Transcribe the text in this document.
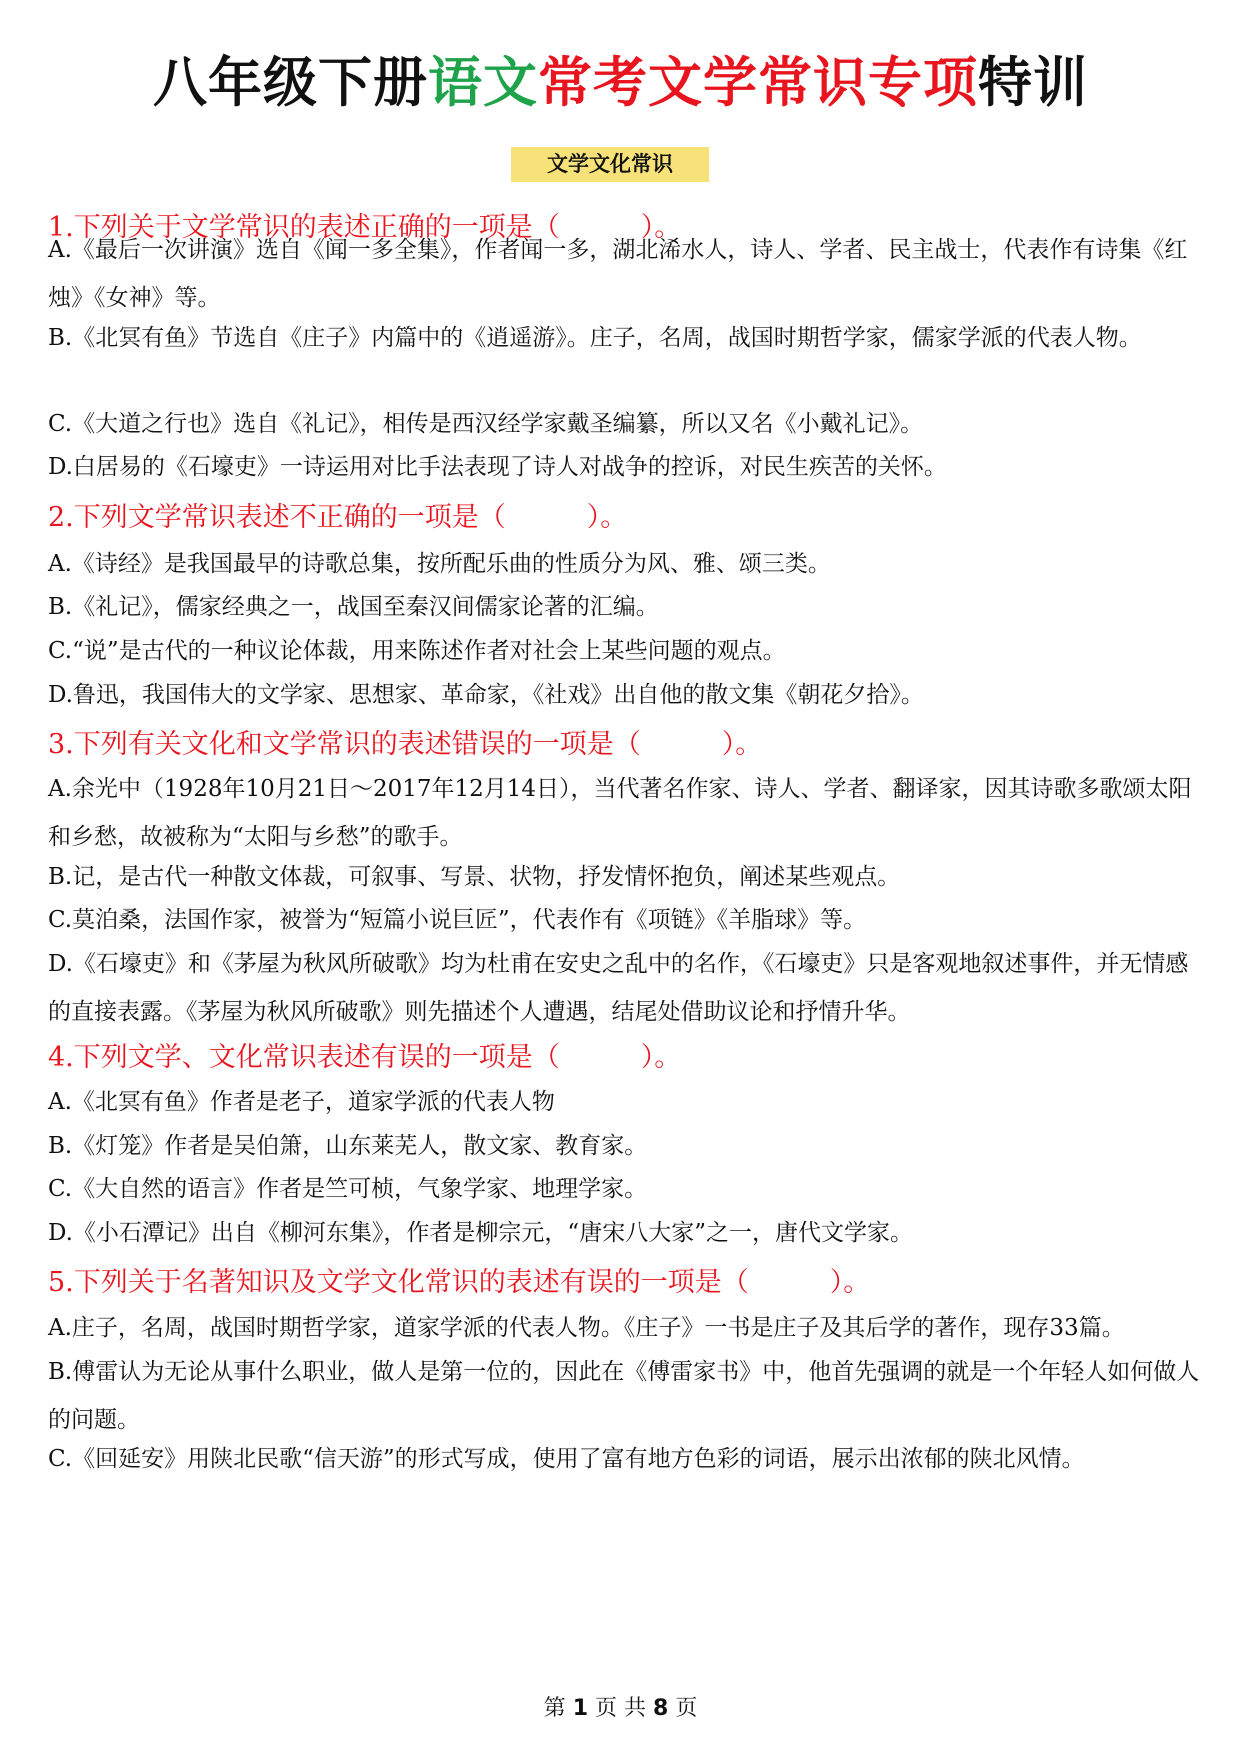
八年级下册语文常考文学常识专项特训
文学文化常识
1.下列关于文学常识的表述正确的一项是（　　　）。
A.《最后一次讲演》选自《闻一多全集》，作者闻一多，湖北浠水人，诗人、学者、民主战士，代表作有诗集《红烛》《女神》等。
B.《北冥有鱼》节选自《庄子》内篇中的《逍遥游》。庄子，名周，战国时期哲学家，儒家学派的代表人物。
C.《大道之行也》选自《礼记》，相传是西汉经学家戴圣编纂，所以又名《小戴礼记》。
D.白居易的《石壕吏》一诗运用对比手法表现了诗人对战争的控诉，对民生疾苦的关怀。
2.下列文学常识表述不正确的一项是（　　　）。
A.《诗经》是我国最早的诗歌总集，按所配乐曲的性质分为风、雅、颂三类。
B.《礼记》，儒家经典之一，战国至秦汉间儒家论著的汇编。
C.“说”是古代的一种议论体裁，用来陈述作者对社会上某些问题的观点。
D.鲁迅，我国伟大的文学家、思想家、革命家，《社戏》出自他的散文集《朝花夕拾》。
3.下列有关文化和文学常识的表述错误的一项是（　　　）。
A.余光中（1928年10月21日～2017年12月14日），当代著名作家、诗人、学者、翻译家，因其诗歌多歌颂太阳和乡愁，故被称为“太阳与乡愁”的歌手。
B.记，是古代一种散文体裁，可叙事、写景、状物，抒发情怀抱负，阐述某些观点。
C.莫泊桑，法国作家，被誉为“短篇小说巨匠”，代表作有《项链》《羊脂球》等。
D.《石壕吏》和《茅屋为秋风所破歌》均为杜甫在安史之乱中的名作，《石壕吏》只是客观地叙述事件，并无情感的直接表露。《茅屋为秋风所破歌》则先描述个人遭遇，结尾处借助议论和抒情升华。
4.下列文学、文化常识表述有误的一项是（　　　）。
A.《北冥有鱼》作者是老子，道家学派的代表人物
B.《灯笼》作者是吴伯箫，山东莱芜人，散文家、教育家。
C.《大自然的语言》作者是竺可桢，气象学家、地理学家。
D.《小石潭记》出自《柳河东集》，作者是柳宗元，“唐宋八大家”之一，唐代文学家。
5.下列关于名著知识及文学文化常识的表述有误的一项是（　　　）。
A.庄子，名周，战国时期哲学家，道家学派的代表人物。《庄子》一书是庄子及其后学的著作，现存33篇。
B.傅雷认为无论从事什么职业，做人是第一位的，因此在《傅雷家书》中，他首先强调的就是一个年轻人如何做人的问题。
C.《回延安》用陕北民歌“信天游”的形式写成，使用了富有地方色彩的词语，展示出浓郁的陕北风情。
第 1 页 共 8 页
